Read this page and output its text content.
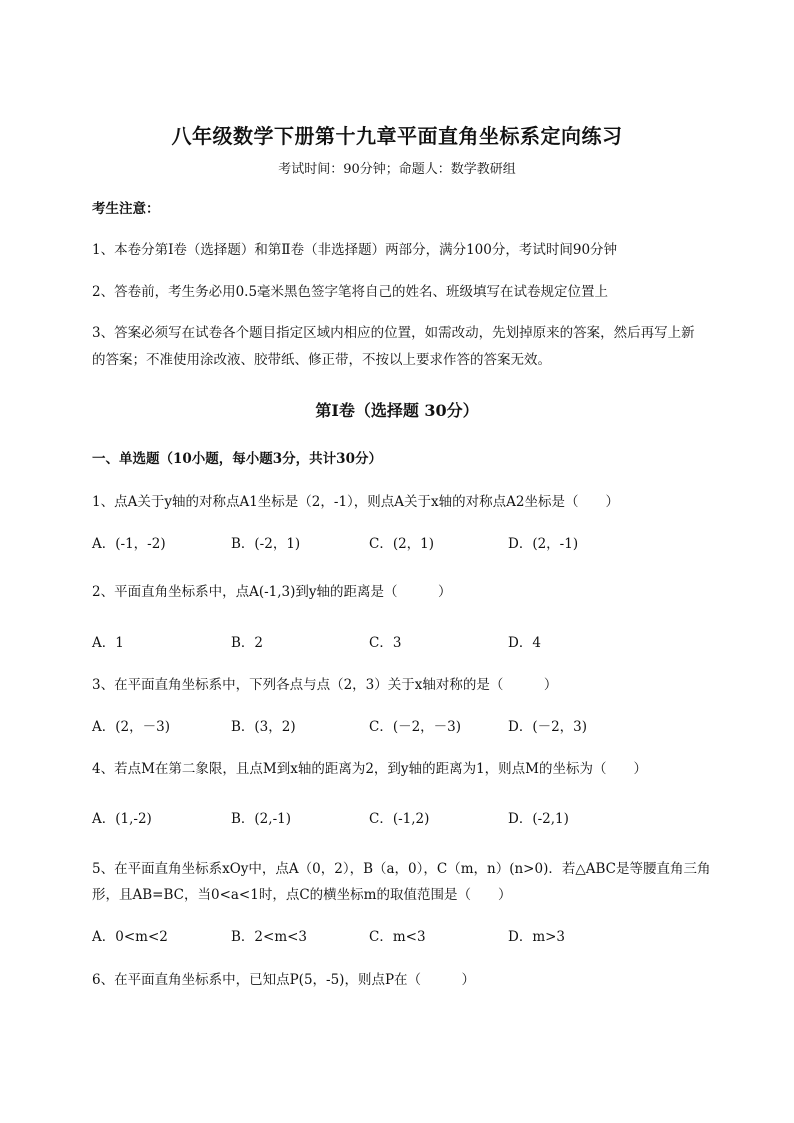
八年级数学下册第十九章平面直角坐标系定向练习
考试时间：90分钟；命题人：数学教研组
考生注意：
1、本卷分第Ⅰ卷（选择题）和第Ⅱ卷（非选择题）两部分，满分100分，考试时间90分钟
2、答卷前，考生务必用0.5毫米黑色签字笔将自己的姓名、班级填写在试卷规定位置上
3、答案必须写在试卷各个题目指定区域内相应的位置，如需改动，先划掉原来的答案，然后再写上新
的答案；不准使用涂改液、胶带纸、修正带，不按以上要求作答的答案无效。
第Ⅰ卷（选择题 30分）
一、单选题（10小题，每小题3分，共计30分）
1、点A关于y轴的对称点A1坐标是（2，-1），则点A关于x轴的对称点A2坐标是（　　）
A．(-1，-2)	B．(-2，1)	C．(2，1)	D．(2，-1)
2、平面直角坐标系中，点A(-1,3)到y轴的距离是（　　　）
A．1	B．2	C．3	D．4
3、在平面直角坐标系中，下列各点与点（2，3）关于x轴对称的是（　　　）
A．(2，－3)	B．(3，2)	C．(－2，－3)	D．(－2，3)
4、若点M在第二象限，且点M到x轴的距离为2，到y轴的距离为1，则点M的坐标为（　　）
A．(1,-2)	B．(2,-1)	C．(-1,2)	D．(-2,1)
5、在平面直角坐标系xOy中，点A（0，2），B（a，0），C（m，n）(n>0)．若△ABC是等腰直角三角
形，且AB=BC，当0<a<1时，点C的横坐标m的取值范围是（　　）
A．0<m<2	B．2<m<3	C．m<3	D．m>3
6、在平面直角坐标系中，已知点P(5，-5)，则点P在（　　　）
